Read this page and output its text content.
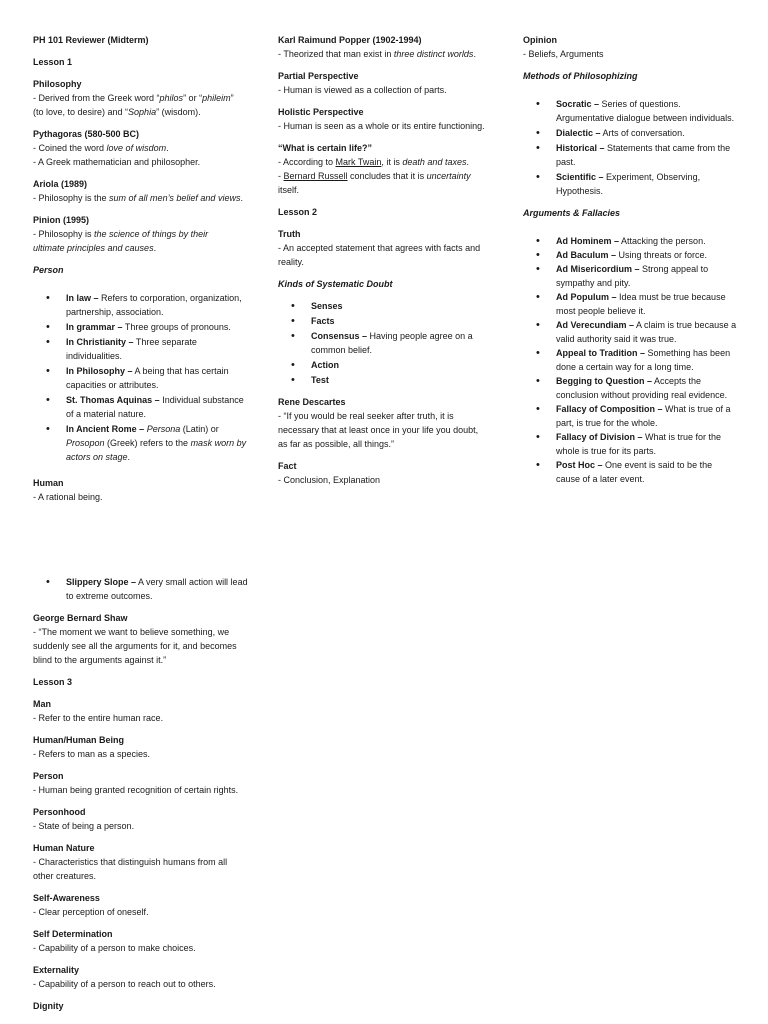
PH 101 Reviewer (Midterm)

Lesson 1

Philosophy

- Derived from the Greek word “philos” or “phileim”

(to love, to desire) and “Sophia” (wisdom).

Pythagoras (580-500 BC)

- Coined the word love of wisdom.

- A Greek mathematician and philosopher.

Ariola (1989)

- Philosophy is the sum of all men’s belief and views.

Pinion (1995)

- Philosophy is the science of things by their

ultimate principles and causes.

Person

• In law – Refers to corporation, organization, partnership, association.
• In grammar – Three groups of pronouns.
• In Christianity – Three separate individualities.
• In Philosophy – A being that has certain capacities or attributes.
• St. Thomas Aquinas – Individual substance of a material nature.
• In Ancient Rome – Persona (Latin) or Prosopon (Greek) refers to the mask worn by actors on stage.

Human

- A rational being.

Karl Raimund Popper (1902-1994)

- Theorized that man exist in three distinct worlds.

Partial Perspective

- Human is viewed as a collection of parts.

Holistic Perspective

- Human is seen as a whole or its entire functioning.

“What is certain life?”

- According to Mark Twain, it is death and taxes.

- Bernard Russell concludes that it is uncertainty

itself.

Lesson 2

Truth

- An accepted statement that agrees with facts and reality.

Kinds of Systematic Doubt

• Senses
• Facts
• Consensus – Having people agree on a common belief.
• Action
• Test

Rene Descartes

- “If you would be real seeker after truth, it is necessary that at least once in your life you doubt, as far as possible, all things.”

Fact

- Conclusion, Explanation

Opinion

- Beliefs, Arguments

Methods of Philosophizing

• Socratic – Series of questions. Argumentative dialogue between individuals.
• Dialectic – Arts of conversation.
• Historical – Statements that came from the past.
• Scientific – Experiment, Observing, Hypothesis.

Arguments & Fallacies

• Ad Hominem – Attacking the person.
• Ad Baculum – Using threats or force.
• Ad Misericordium – Strong appeal to sympathy and pity.
• Ad Populum – Idea must be true because most people believe it.
• Ad Verecundiam – A claim is true because a valid authority said it was true.
• Appeal to Tradition – Something has been done a certain way for a long time.
• Begging to Question – Accepts the conclusion without providing real evidence.
• Fallacy of Composition – What is true of a part, is true for the whole.
• Fallacy of Division – What is true for the whole is true for its parts.
• Post Hoc – One event is said to be the cause of a later event.
• Slippery Slope – A very small action will lead to extreme outcomes.

George Bernard Shaw

- “The moment we want to believe something, we suddenly see all the arguments for it, and becomes blind to the arguments against it.”

Lesson 3

Man

- Refer to the entire human race.

Human/Human Being

- Refers to man as a species.

Person

- Human being granted recognition of certain rights.

Personhood

- State of being a person.

Human Nature

- Characteristics that distinguish humans from all other creatures.

Self-Awareness

- Clear perception of oneself.

Self Determination

- Capability of a person to make choices.

Externality

- Capability of a person to reach out to others.

Dignity
